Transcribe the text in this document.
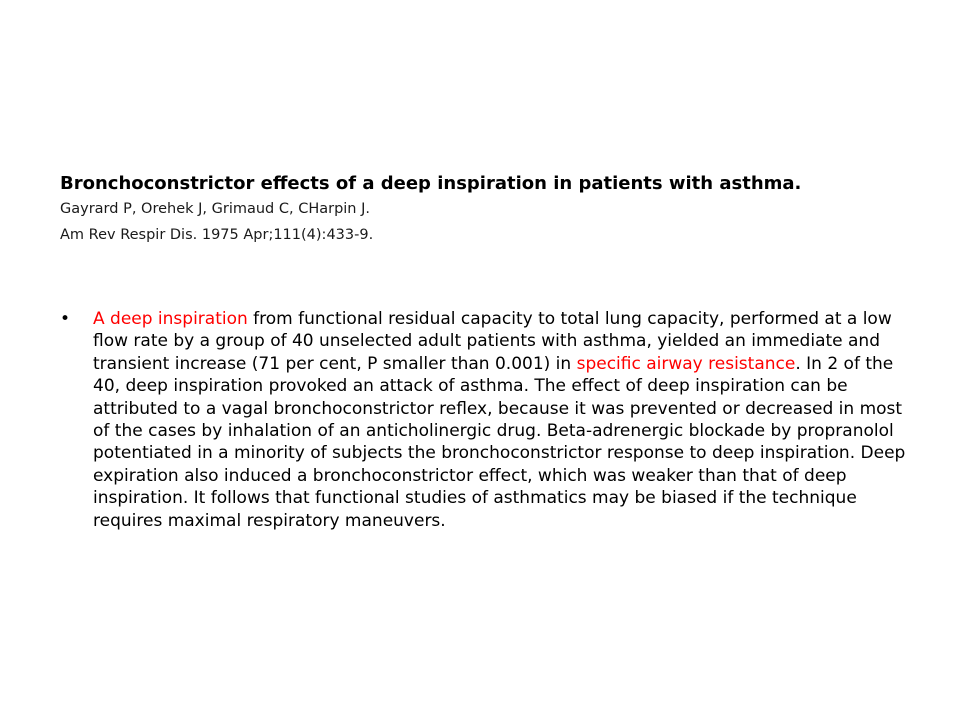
Bronchoconstrictor effects of a deep inspiration in patients with asthma.

Gayrard P, Orehek J, Grimaud C, CHarpin J.

Am Rev Respir Dis. 1975 Apr;111(4):433-9.

• A deep inspiration from functional residual capacity to total lung capacity, performed at a low flow rate by a group of 40 unselected adult patients with asthma, yielded an immediate and transient increase (71 per cent, P smaller than 0.001) in specific airway resistance. In 2 of the 40, deep inspiration provoked an attack of asthma. The effect of deep inspiration can be attributed to a vagal bronchoconstrictor reflex, because it was prevented or decreased in most of the cases by inhalation of an anticholinergic drug. Beta-adrenergic blockade by propranolol potentiated in a minority of subjects the bronchoconstrictor response to deep inspiration. Deep expiration also induced a bronchoconstrictor effect, which was weaker than that of deep inspiration. It follows that functional studies of asthmatics may be biased if the technique requires maximal respiratory maneuvers.
